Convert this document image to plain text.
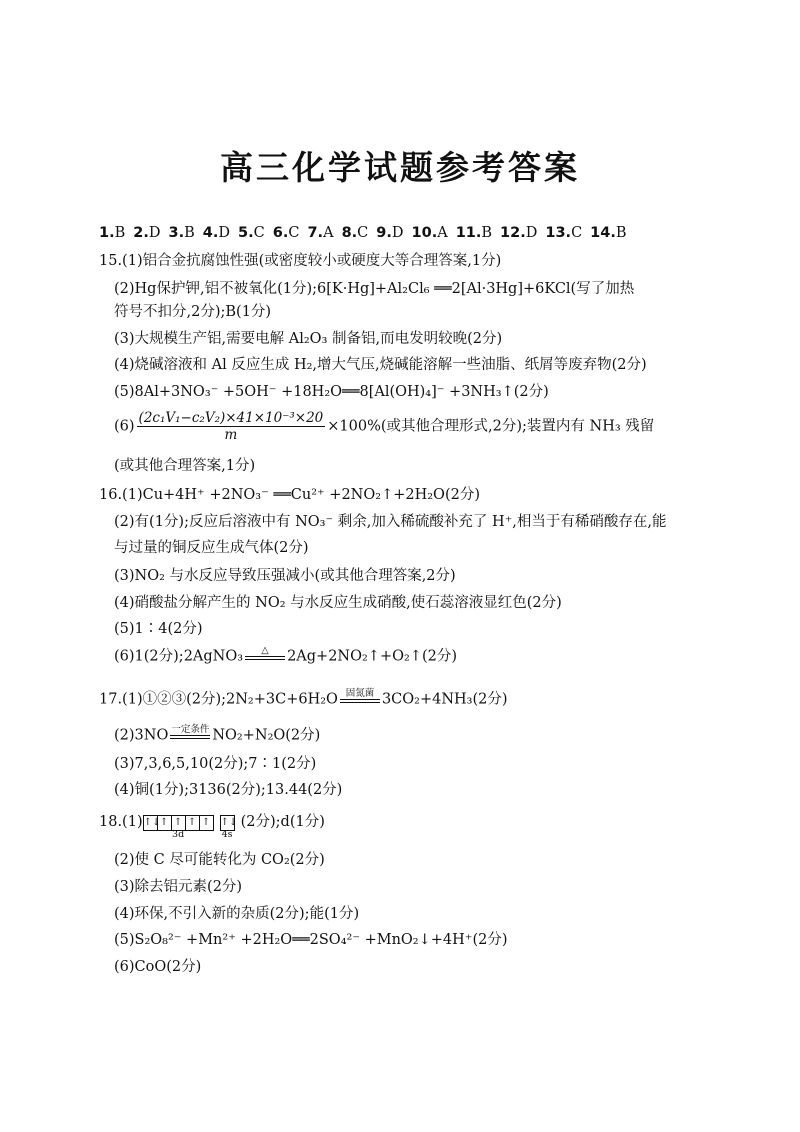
高三化学试题参考答案
1.B 2.D 3.B 4.D 5.C 6.C 7.A 8.C 9.D 10.A 11.B 12.D 13.C 14.B
15.(1)铝合金抗腐蚀性强(或密度较小或硬度大等合理答案,1分)
(2)Hg保护钾,铝不被氧化(1分);6[K·Hg]+Al₂Cl₆ ══2[Al·3Hg]+6KCl(写了加热
符号不扣分,2分);B(1分)
(3)大规模生产铝,需要电解 Al₂O₃ 制备铝,而电发明较晚(2分)
(4)烧碱溶液和 Al 反应生成 H₂,增大气压,烧碱能溶解一些油脂、纸屑等废弃物(2分)
(5)8Al+3NO₃⁻ +5OH⁻ +18H₂O══8[Al(OH)₄]⁻ +3NH₃↑(2分)
$(6) \frac{\text{(2c₁V₁−c₂V₂)×41×10⁻³×20}}{m} \times 100\%$(或其他合理形式,2分);装置内有 NH₃ 残留
(或其他合理答案,1分)
16.(1)Cu+4H⁺ +2NO₃⁻ ══Cu²⁺ +2NO₂↑+2H₂O(2分)
(2)有(1分);反应后溶液中有 NO₃⁻ 剩余,加入稀硫酸补充了 H⁺,相当于有稀硝酸存在,能
与过量的铜反应生成气体(2分)
(3)NO₂ 与水反应导致压强减小(或其他合理答案,2分)
(4)硝酸盐分解产生的 NO₂ 与水反应生成硝酸,使石蕊溶液显红色(2分)
(5)1∶4(2分)
(6)1(2分);2AgNO₃	△	2Ag+2NO₂↑+O₂↑(2分)
17.(1)①②③(2分);2N₂+3C+6H₂O 固氮菌 3CO₂+4NH₃(2分)
(2)3NO 一定条件 NO₂+N₂O(2分)
(3)7,3,6,5,10(2分);7∶1(2分)
(4)铜(1分);3136(2分);13.44(2分)
18.(1) ↑↓ ↑ ↑ ↑ ↑
3d
↑↓
4s
(2分);d(1分)
(2)使 C 尽可能转化为 CO₂(2分)
(3)除去铝元素(2分)
(4)环保,不引入新的杂质(2分);能(1分)
(5)S₂O₈²⁻ +Mn²⁺ +2H₂O══2SO₄²⁻ +MnO₂↓+4H⁺(2分)
(6)CoO(2分)
